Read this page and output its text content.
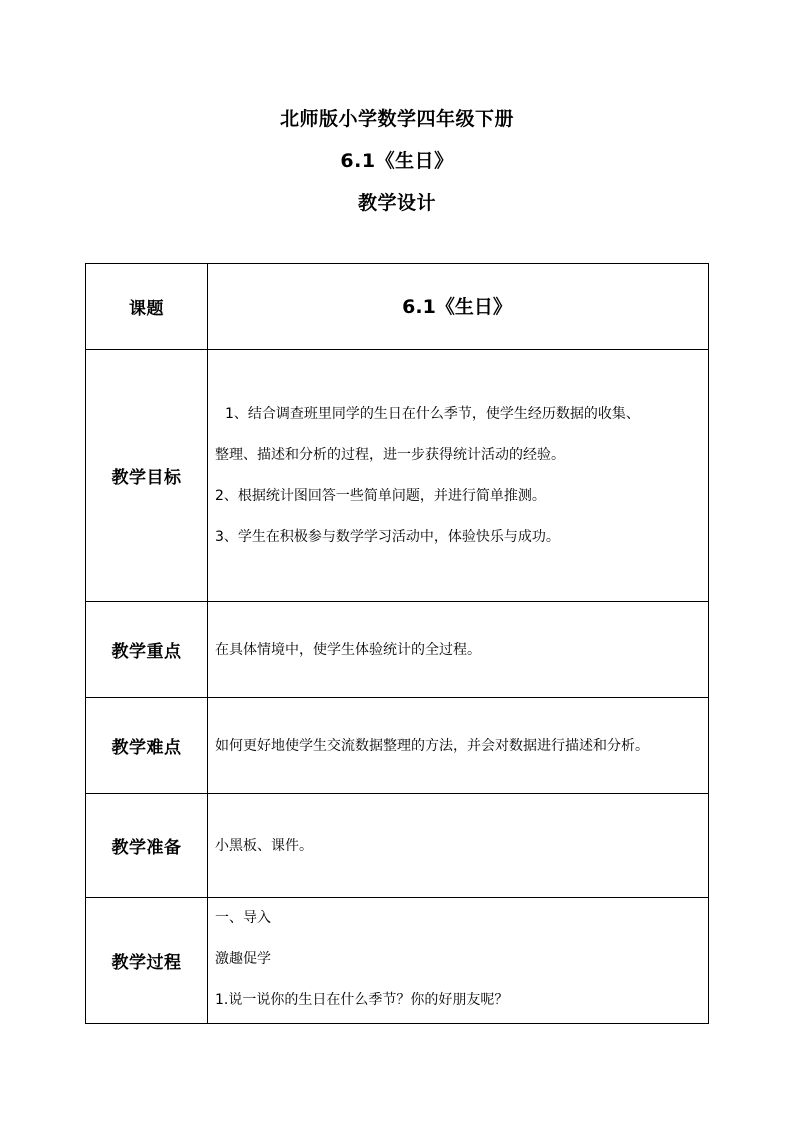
北师版小学数学四年级下册
6.1《生日》
教学设计
课题	6.1《生日》
教学目标	1、结合调查班里同学的生日在什么季节，使学生经历数据的收集、

整理、描述和分析的过程，进一步获得统计活动的经验。

2、根据统计图回答一些简单问题，并进行简单推测。

3、学生在积极参与数学学习活动中，体验快乐与成功。

教学重点	在具体情境中，使学生体验统计的全过程。
教学难点	如何更好地使学生交流数据整理的方法，并会对数据进行描述和分析。
教学准备	小黑板、课件。
教学过程	一、导入

激趣促学

1.说一说你的生日在什么季节？你的好朋友呢？
